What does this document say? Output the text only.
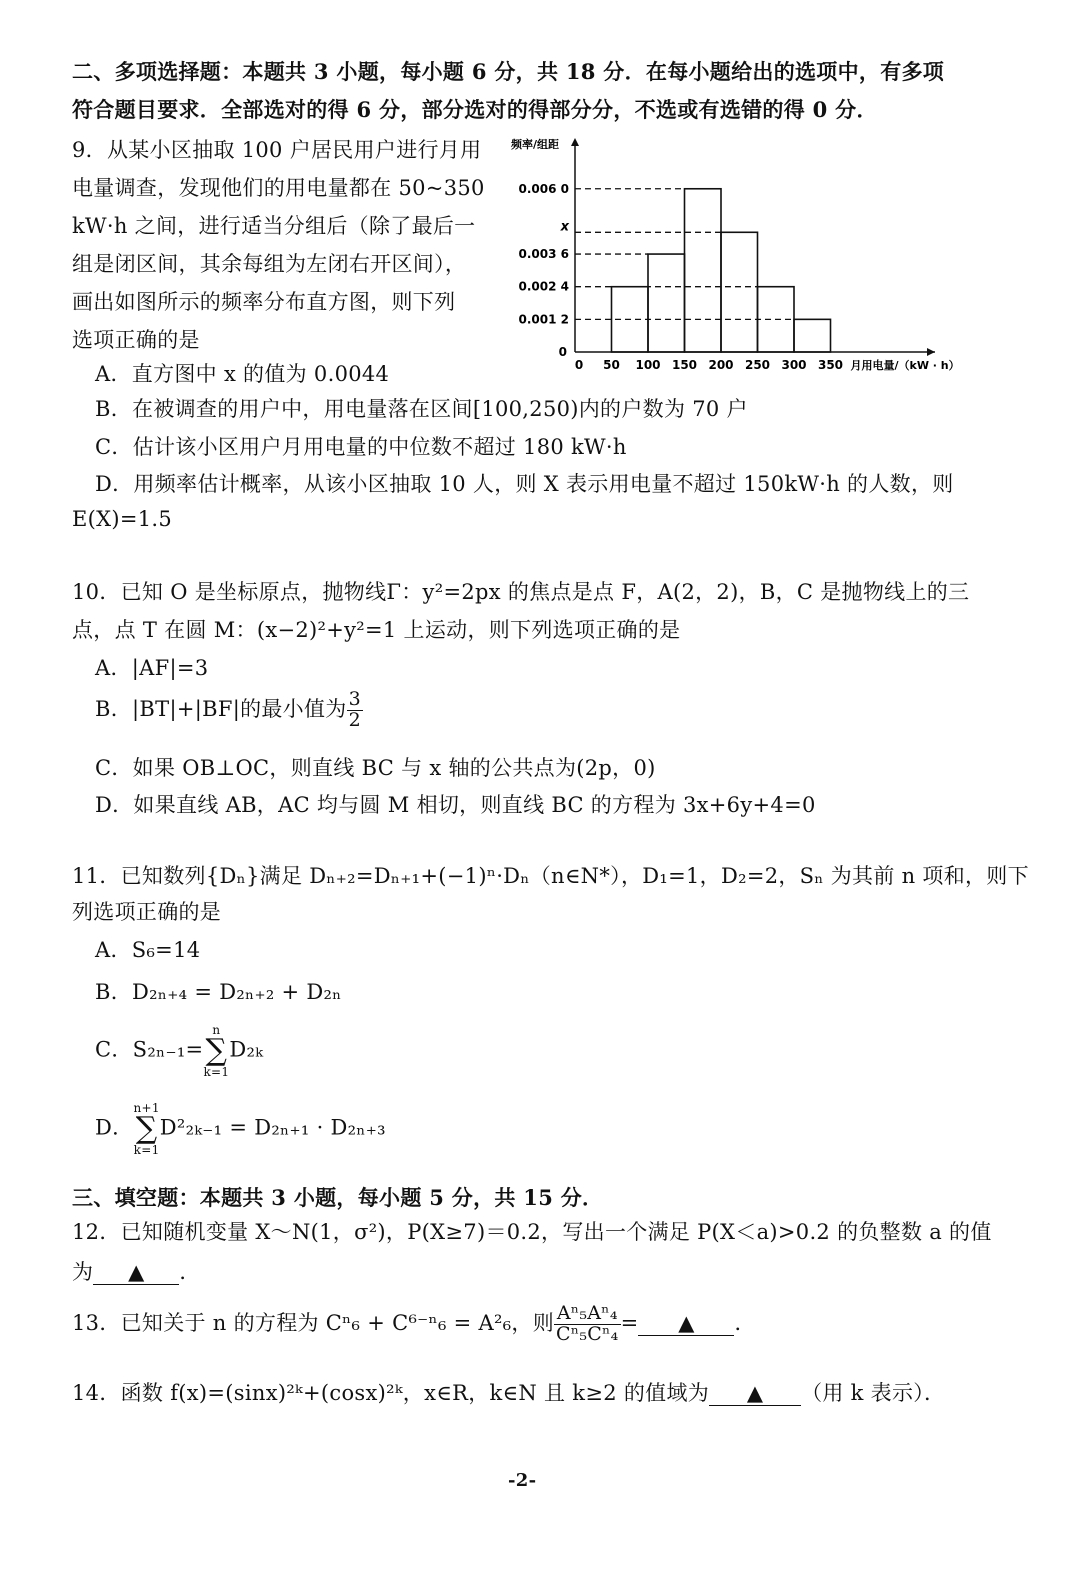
二、多项选择题：本题共 3 小题，每小题 6 分，共 18 分．在每小题给出的选项中，有多项
符合题目要求．全部选对的得 6 分，部分选对的得部分分，不选或有选错的得 0 分．
9．从某小区抽取 100 户居民用户进行月用
电量调查，发现他们的用电量都在 50~350
kW·h 之间，进行适当分组后（除了最后一
组是闭区间，其余每组为左闭右开区间），
画出如图所示的频率分布直方图，则下列
选项正确的是
频率/组距
月用电量/（kW · h）
0.006 0
x
0.003 6
0.002 4
0.001 2
0
0 50 100 150 200 250 300 350
A．直方图中 x 的值为 0.0044
B．在被调查的用户中，用电量落在区间[100,250)内的户数为 70 户
C．估计该小区用户月用电量的中位数不超过 180 kW·h
D．用频率估计概率，从该小区抽取 10 人，则 X 表示用电量不超过 150kW·h 的人数，则
E(X)=1.5
10．已知 O 是坐标原点，抛物线Γ：y²=2px 的焦点是点 F，A(2，2)，B，C 是抛物线上的三
点，点 T 在圆 M：(x−2)²+y²=1 上运动，则下列选项正确的是
A．|AF|=3
B．|BT|+|BF|的最小值为 $\frac{3}{2}$
C．如果 OB⊥OC，则直线 BC 与 x 轴的公共点为(2p，0)
D．如果直线 AB，AC 均与圆 M 相切，则直线 BC 的方程为 3x+6y+4=0
11．已知数列{Dₙ}满足 Dₙ₊₂=Dₙ₊₁+(−1)ⁿ·Dₙ（n∈N*），D₁=1，D₂=2，Sₙ 为其前 n 项和，则下
列选项正确的是
A．S₆=14
B．D₂ₙ₊₄ = D₂ₙ₊₂ + D₂ₙ
C．S₂ₙ₋₁=
n
∑
k=1
D₂ₖ
D．
n+1
∑
k=1
D²₂ₖ₋₁ = D₂ₙ₊₁ · D₂ₙ₊₃
三、填空题：本题共 3 小题，每小题 5 分，共 15 分．
12．已知随机变量 X～N(1，σ²)，P(X≥7)＝0.2，写出一个满足 P(X＜a)>0.2 的负整数 a 的值
为 ▲ ．
13．已知关于 n 的方程为 Cⁿ₆ + C⁶⁻ⁿ₆ = A²₆，则 $\frac{\text{Aⁿ₅Aⁿ₄}}{\text{Cⁿ₅Cⁿ₄}}$ = ▲ ．
14．函数 f(x)=(sinx)²ᵏ+(cosx)²ᵏ，x∈R，k∈N 且 k≥2 的值域为 ▲ （用 k 表示）．
-2-
